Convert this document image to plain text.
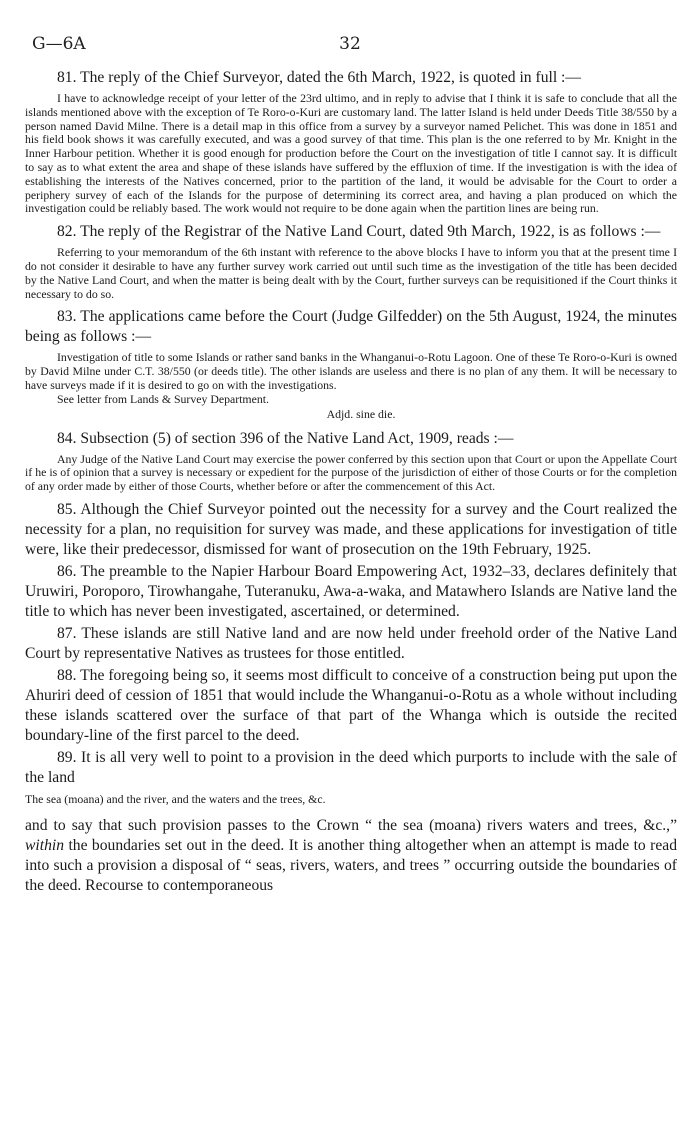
G—6A	32

81. The reply of the Chief Surveyor, dated the 6th March, 1922, is quoted in full :—

I have to acknowledge receipt of your letter of the 23rd ultimo, and in reply to advise that I think it is safe to conclude that all the islands mentioned above with the exception of Te Roro-o-Kuri are customary land. The latter Island is held under Deeds Title 38/550 by a person named David Milne. There is a detail map in this office from a survey by a surveyor named Pelichet. This was done in 1851 and his field book shows it was carefully executed, and was a good survey of that time. This plan is the one referred to by Mr. Knight in the Inner Harbour petition. Whether it is good enough for production before the Court on the investigation of title I cannot say. It is difficult to say as to what extent the area and shape of these islands have suffered by the effluxion of time. If the investigation is with the idea of establishing the interests of the Natives concerned, prior to the partition of the land, it would be advisable for the Court to order a periphery survey of each of the Islands for the purpose of determining its correct area, and having a plan produced on which the investigation could be reliably based. The work would not require to be done again when the partition lines are being run.

82. The reply of the Registrar of the Native Land Court, dated 9th March, 1922, is as follows :—

Referring to your memorandum of the 6th instant with reference to the above blocks I have to inform you that at the present time I do not consider it desirable to have any further survey work carried out until such time as the investigation of the title has been decided by the Native Land Court, and when the matter is being dealt with by the Court, further surveys can be requisitioned if the Court thinks it necessary to do so.

83. The applications came before the Court (Judge Gilfedder) on the 5th August, 1924, the minutes being as follows :—

Investigation of title to some Islands or rather sand banks in the Whanganui-o-Rotu Lagoon. One of these Te Roro-o-Kuri is owned by David Milne under C.T. 38/550 (or deeds title). The other islands are useless and there is no plan of any them. It will be necessary to have surveys made if it is desired to go on with the investigations.

See letter from Lands & Survey Department.

Adjd. sine die.

84. Subsection (5) of section 396 of the Native Land Act, 1909, reads :—

Any Judge of the Native Land Court may exercise the power conferred by this section upon that Court or upon the Appellate Court if he is of opinion that a survey is necessary or expedient for the purpose of the jurisdiction of either of those Courts or for the completion of any order made by either of those Courts, whether before or after the commencement of this Act.

85. Although the Chief Surveyor pointed out the necessity for a survey and the Court realized the necessity for a plan, no requisition for survey was made, and these applications for investigation of title were, like their predecessor, dismissed for want of prosecution on the 19th February, 1925.

86. The preamble to the Napier Harbour Board Empowering Act, 1932–33, declares definitely that Uruwiri, Poroporo, Tirowhangahe, Tuteranuku, Awa-a-waka, and Matawhero Islands are Native land the title to which has never been investigated, ascertained, or determined.

87. These islands are still Native land and are now held under freehold order of the Native Land Court by representative Natives as trustees for those entitled.

88. The foregoing being so, it seems most difficult to conceive of a construction being put upon the Ahuriri deed of cession of 1851 that would include the Whanganui-o-Rotu as a whole without including these islands scattered over the surface of that part of the Whanga which is outside the recited boundary-line of the first parcel to the deed.

89. It is all very well to point to a provision in the deed which purports to include with the sale of the land

The sea (moana) and the river, and the waters and the trees, &c.

and to say that such provision passes to the Crown “ the sea (moana) rivers waters and trees, &c.,” within the boundaries set out in the deed. It is another thing altogether when an attempt is made to read into such a provision a disposal of “ seas, rivers, waters, and trees ” occurring outside the boundaries of the deed. Recourse to contemporaneous
